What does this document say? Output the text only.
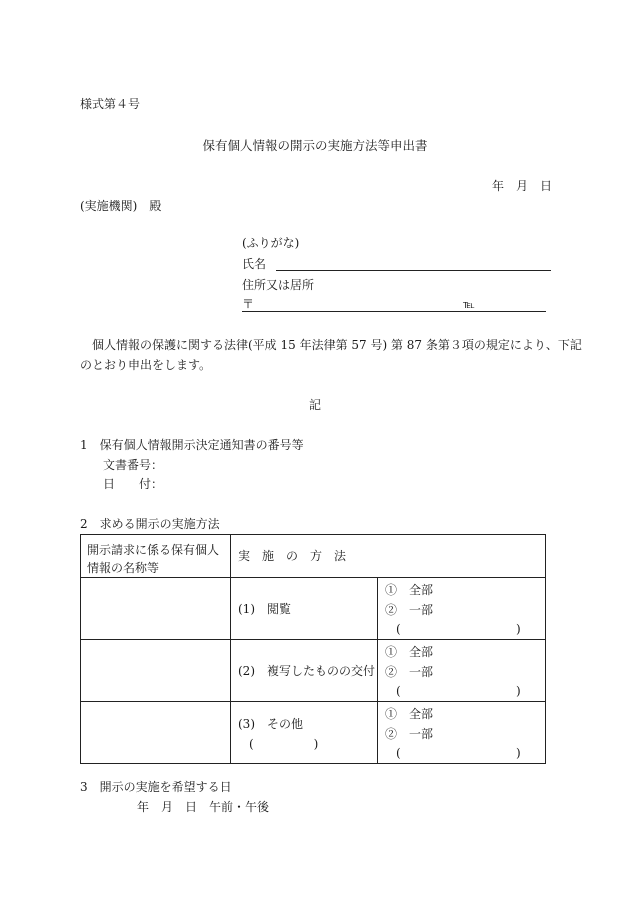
様式第４号
保有個人情報の開示の実施方法等申出書
年　月　日
(実施機関)　殿
(ふりがな)
氏名
住所又は居所
〒	℡
個人情報の保護に関する法律(平成 15 年法律第 57 号) 第 87 条第３項の規定により、下記
のとおり申出をします。
記
1　保有個人情報開示決定通知書の番号等
文書番号：
日　　付：
2　求める開示の実施方法
開示請求に係る保有個人情報の名称等	実　施　の　方　法	
	(1)　閲覧	①　全部
②　一部
( )

	(2)　複写したものの交付	①　全部
②　一部
( )

	(3)　その他
(　　　　　)	①　全部
②　一部
( )
3　開示の実施を希望する日
年　月　日　午前・午後
